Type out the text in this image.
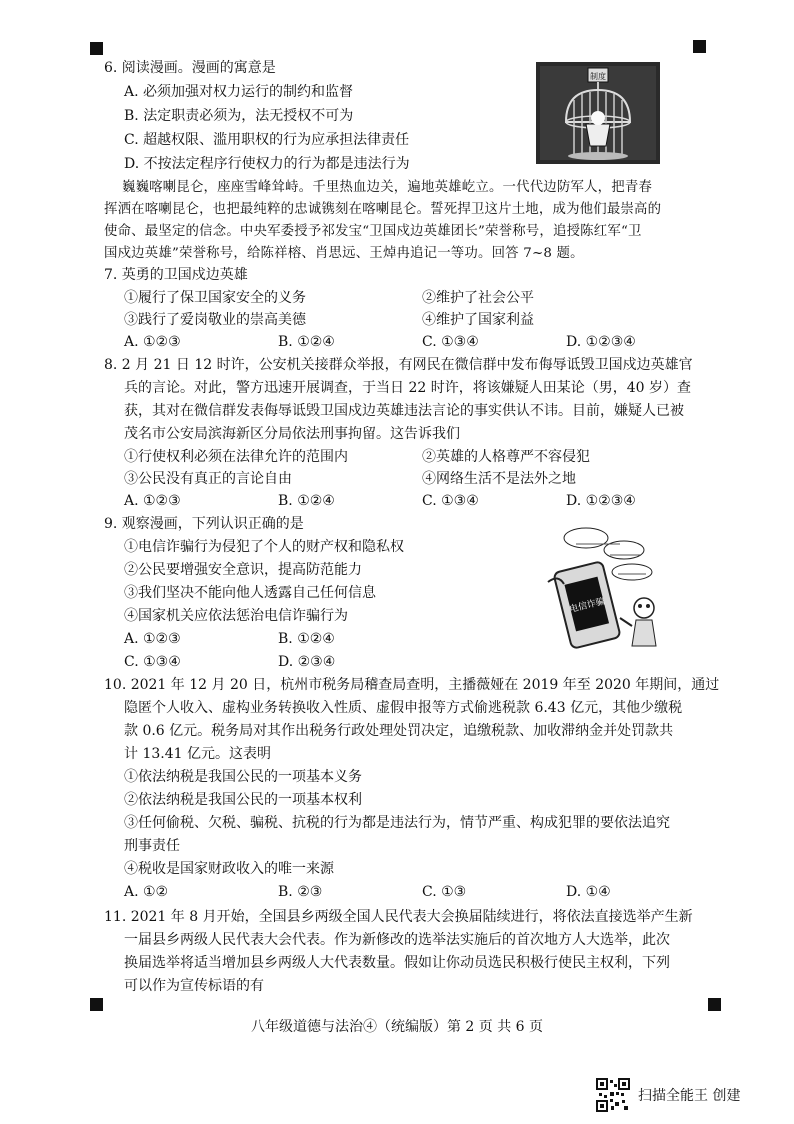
6. 阅读漫画。漫画的寓意是
A. 必须加强对权力运行的制约和监督
B. 法定职责必须为，法无授权不可为
C. 超越权限、滥用职权的行为应承担法律责任
D. 不按法定程序行使权力的行为都是违法行为
制度
巍巍喀喇昆仑，座座雪峰耸峙。千里热血边关，遍地英雄屹立。一代代边防军人，把青春
挥洒在喀喇昆仑，也把最纯粹的忠诚镌刻在喀喇昆仑。誓死捍卫这片土地，成为他们最崇高的
使命、最坚定的信念。中央军委授予祁发宝“卫国戍边英雄团长”荣誉称号，追授陈红军“卫
国戍边英雄”荣誉称号，给陈祥榕、肖思远、王焯冉追记一等功。回答 7~8 题。
7. 英勇的卫国戍边英雄
①履行了保卫国家安全的义务	②维护了社会公平
③践行了爱岗敬业的崇高美德	④维护了国家利益
A. ①②③	B. ①②④	C. ①③④	D. ①②③④
8. 2 月 21 日 12 时许，公安机关接群众举报，有网民在微信群中发布侮辱诋毁卫国戍边英雄官
兵的言论。对此，警方迅速开展调查，于当日 22 时许，将该嫌疑人田某论（男，40 岁）查
获，其对在微信群发表侮辱诋毁卫国戍边英雄违法言论的事实供认不讳。目前，嫌疑人已被
茂名市公安局滨海新区分局依法刑事拘留。这告诉我们
①行使权利必须在法律允许的范围内	②英雄的人格尊严不容侵犯
③公民没有真正的言论自由	④网络生活不是法外之地
A. ①②③	B. ①②④	C. ①③④	D. ①②③④
9. 观察漫画，下列认识正确的是
①电信诈骗行为侵犯了个人的财产权和隐私权
②公民要增强安全意识，提高防范能力
③我们坚决不能向他人透露自己任何信息
④国家机关应依法惩治电信诈骗行为
A. ①②③	B. ①②④
C. ①③④	D. ②③④
电信诈骗
10. 2021 年 12 月 20 日，杭州市税务局稽查局查明，主播薇娅在 2019 年至 2020 年期间，通过
隐匿个人收入、虚构业务转换收入性质、虚假申报等方式偷逃税款 6.43 亿元，其他少缴税
款 0.6 亿元。税务局对其作出税务行政处理处罚决定，追缴税款、加收滞纳金并处罚款共
计 13.41 亿元。这表明
①依法纳税是我国公民的一项基本义务
②依法纳税是我国公民的一项基本权利
③任何偷税、欠税、骗税、抗税的行为都是违法行为，情节严重、构成犯罪的要依法追究
刑事责任
④税收是国家财政收入的唯一来源
A. ①②	B. ②③	C. ①③	D. ①④
11. 2021 年 8 月开始，全国县乡两级全国人民代表大会换届陆续进行，将依法直接选举产生新
一届县乡两级人民代表大会代表。作为新修改的选举法实施后的首次地方人大选举，此次
换届选举将适当增加县乡两级人大代表数量。假如让你动员选民积极行使民主权利，下列
可以作为宣传标语的有
八年级道德与法治④（统编版）第 2 页 共 6 页
扫描全能王 创建
